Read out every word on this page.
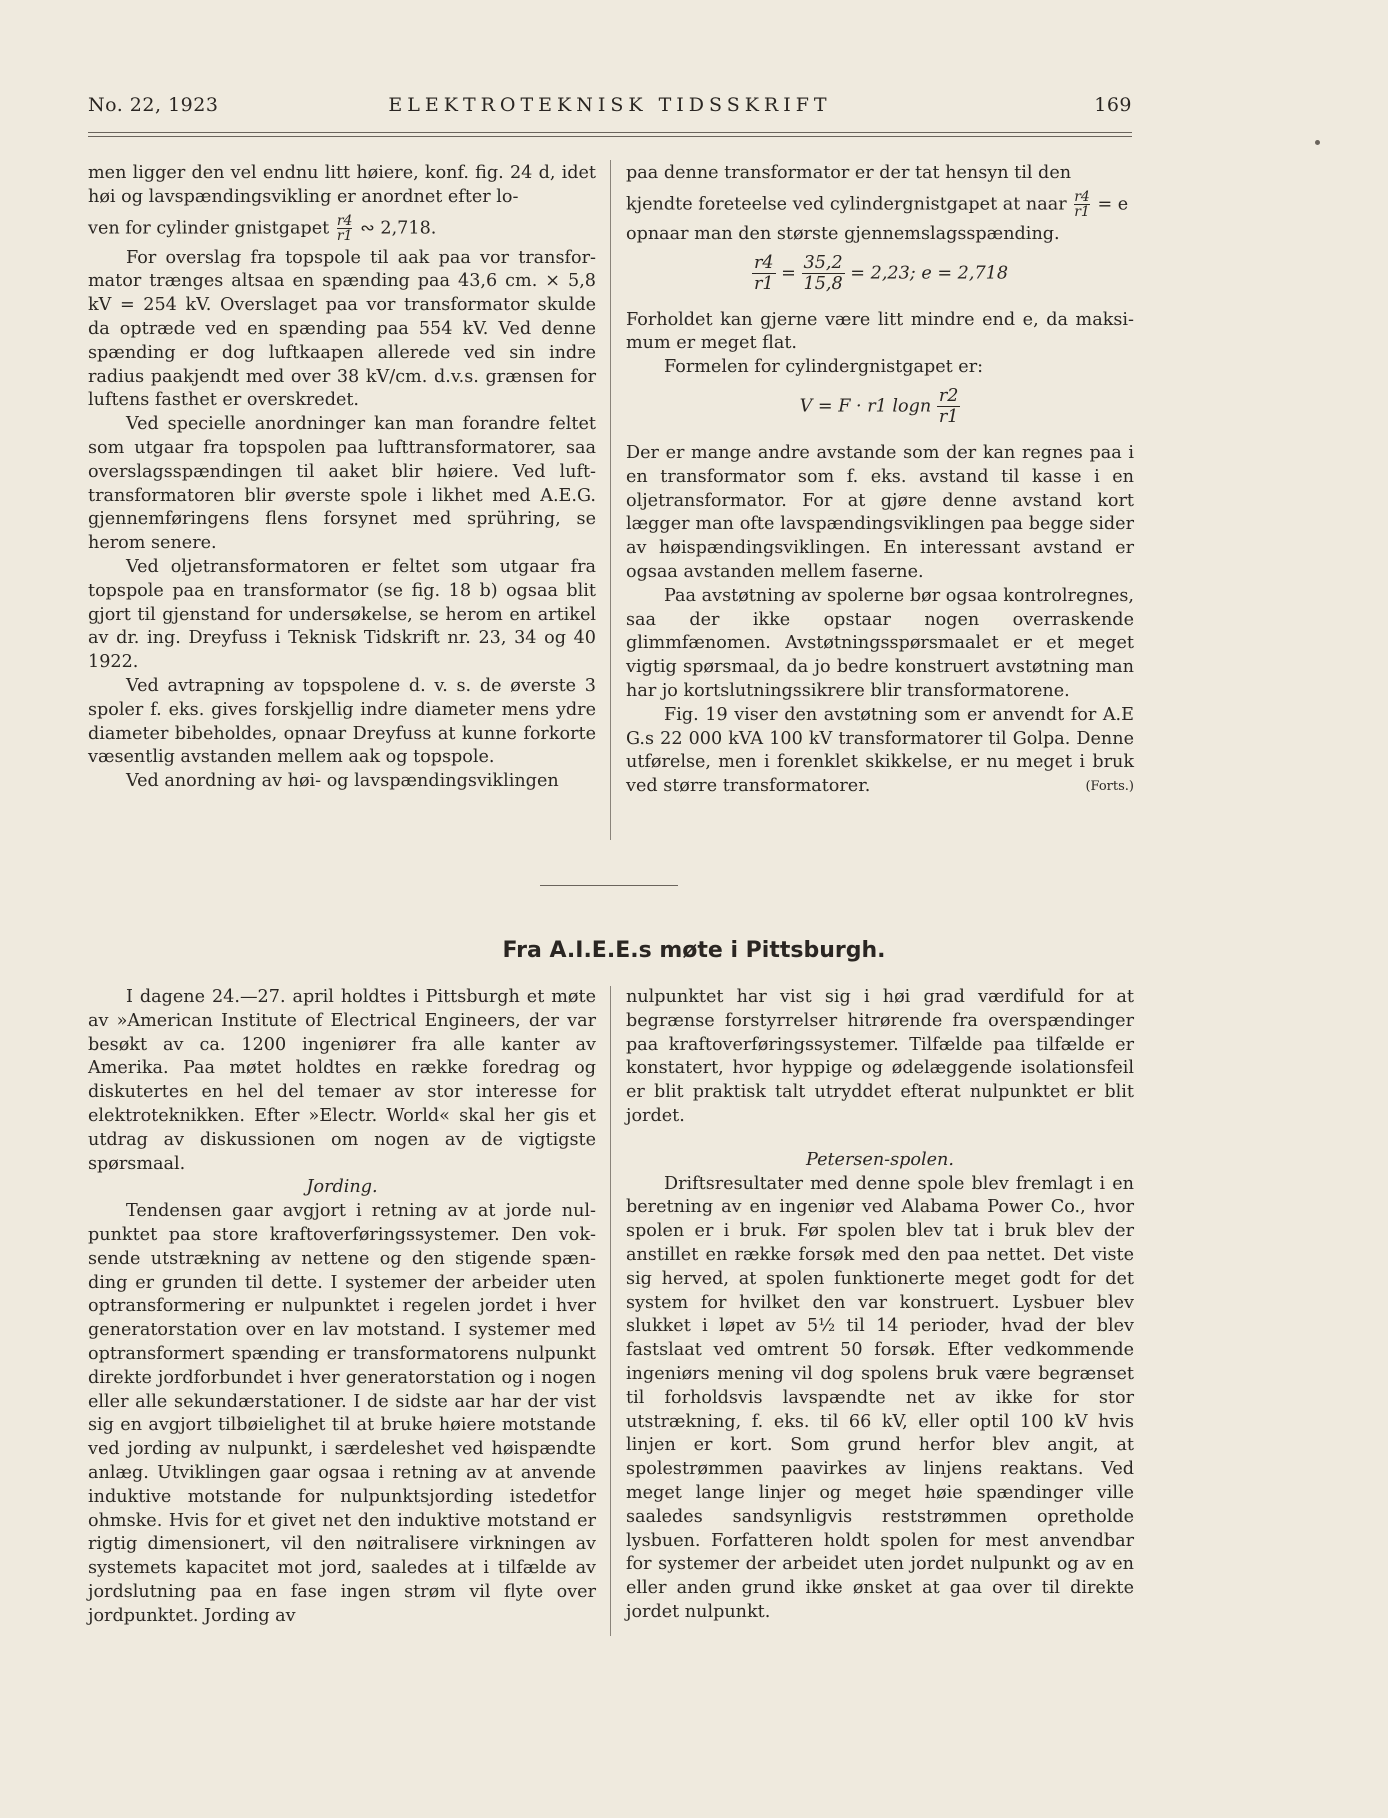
No. 22, 1923	ELEKTROTEKNISK TIDSSKRIFT	169

men ligger den vel endnu litt høiere, konf. fig. 24 d, idet høi og lavspændingsvikling er anordnet efter lo-

ven for cylinder gnistgapet $\frac{r4}{r1}$ ∾ 2,718.

For overslag fra topspole til aak paa vor transformator trænges altsaa en spænding paa 43,6 cm. ⨯ 5,8 kV = 254 kV. Overslaget paa vor transformator skulde da optræde ved en spænding paa 554 kV. Ved denne spænding er dog luftkaapen allerede ved sin indre radius paakjendt med over 38 kV/cm. d.v.s. grænsen for luftens fasthet er overskredet.

Ved specielle anordninger kan man forandre feltet som utgaar fra topspolen paa lufttransformatorer, saa overslagsspændingen til aaket blir høiere. Ved lufttransformatoren blir øverste spole i likhet med A.E.G. gjennemføringens flens forsynet med sprühring, se herom senere.

Ved oljetransformatoren er feltet som utgaar fra topspole paa en transformator (se fig. 18 b) ogsaa blit gjort til gjenstand for undersøkelse, se herom en artikel av dr. ing. Dreyfuss i Teknisk Tidskrift nr. 23, 34 og 40 1922.

Ved avtrapning av topspolene d. v. s. de øverste 3 spoler f. eks. gives forskjellig indre diameter mens ydre diameter bibeholdes, opnaar Dreyfuss at kunne forkorte væsentlig avstanden mellem aak og topspole.

Ved anordning av høi- og lavspændingsviklingen

paa denne transformator er der tat hensyn til den

kjendte foreteelse ved cylindergnistgapet at naar $\frac{r4}{r1} = e$

opnaar man den største gjennemslagsspænding.

$\frac{r4}{r1} = \frac{35,2}{15,8} = 2,23$; e = 2,718

Forholdet kan gjerne være litt mindre end e, da maksimum er meget flat.

Formelen for cylindergnistgapet er:

V = F · r1 logn $\frac{r2}{r1}$

Der er mange andre avstande som der kan regnes paa i en transformator som f. eks. avstand til kasse i en oljetransformator. For at gjøre denne avstand kort lægger man ofte lavspændingsviklingen paa begge sider av høispændingsviklingen. En interessant avstand er ogsaa avstanden mellem faserne.

Paa avstøtning av spolerne bør ogsaa kontrolregnes, saa der ikke opstaar nogen overraskende glimmfænomen. Avstøtningsspørsmaalet er et meget vigtig spørsmaal, da jo bedre konstruert avstøtning man har jo kortslutningssikrere blir transformatorene.

Fig. 19 viser den avstøtning som er anvendt for A.E G.s 22 000 kVA 100 kV transformatorer til Golpa. Denne utførelse, men i forenklet skikkelse, er nu meget i bruk ved større transformatorer.	(Forts.)

Fra A.I.E.E.s møte i Pittsburgh.

I dagene 24.—27. april holdtes i Pittsburgh et møte av »American Institute of Electrical Engineers, der var besøkt av ca. 1200 ingeniører fra alle kanter av Amerika. Paa møtet holdtes en række foredrag og diskutertes en hel del temaer av stor interesse for elektroteknikken. Efter »Electr. World« skal her gis et utdrag av diskussionen om nogen av de vigtigste spørsmaal.

Jording.

Tendensen gaar avgjort i retning av at jorde nulpunktet paa store kraftoverføringssystemer. Den voksende utstrækning av nettene og den stigende spænding er grunden til dette. I systemer der arbeider uten optransformering er nulpunktet i regelen jordet i hver generatorstation over en lav motstand. I systemer med optransformert spænding er transformatorens nulpunkt direkte jordforbundet i hver generatorstation og i nogen eller alle sekundærstationer. I de sidste aar har der vist sig en avgjort tilbøielighet til at bruke høiere motstande ved jording av nulpunkt, i særdeleshet ved høispændte anlæg. Utviklingen gaar ogsaa i retning av at anvende induktive motstande for nulpunktsjording istedetfor ohmske. Hvis for et givet net den induktive motstand er rigtig dimensionert, vil den nøitralisere virkningen av systemets kapacitet mot jord, saaledes at i tilfælde av jordslutning paa en fase ingen strøm vil flyte over jordpunktet. Jording av

nulpunktet har vist sig i høi grad værdifuld for at begrænse forstyrrelser hitrørende fra overspændinger paa kraftoverføringssystemer. Tilfælde paa tilfælde er konstatert, hvor hyppige og ødelæggende isolationsfeil er blit praktisk talt utryddet efterat nulpunktet er blit jordet.

Petersen-spolen.

Driftsresultater med denne spole blev fremlagt i en beretning av en ingeniør ved Alabama Power Co., hvor spolen er i bruk. Før spolen blev tat i bruk blev der anstillet en række forsøk med den paa nettet. Det viste sig herved, at spolen funktionerte meget godt for det system for hvilket den var konstruert. Lysbuer blev slukket i løpet av 5½ til 14 perioder, hvad der blev fastslaat ved omtrent 50 forsøk. Efter vedkommende ingeniørs mening vil dog spolens bruk være begrænset til forholdsvis lavspændte net av ikke for stor utstrækning, f. eks. til 66 kV, eller optil 100 kV hvis linjen er kort. Som grund herfor blev angit, at spolestrømmen paavirkes av linjens reaktans. Ved meget lange linjer og meget høie spændinger ville saaledes sandsynligvis reststrømmen opretholde lysbuen. Forfatteren holdt spolen for mest anvendbar for systemer der arbeidet uten jordet nulpunkt og av en eller anden grund ikke ønsket at gaa over til direkte jordet nulpunkt.
